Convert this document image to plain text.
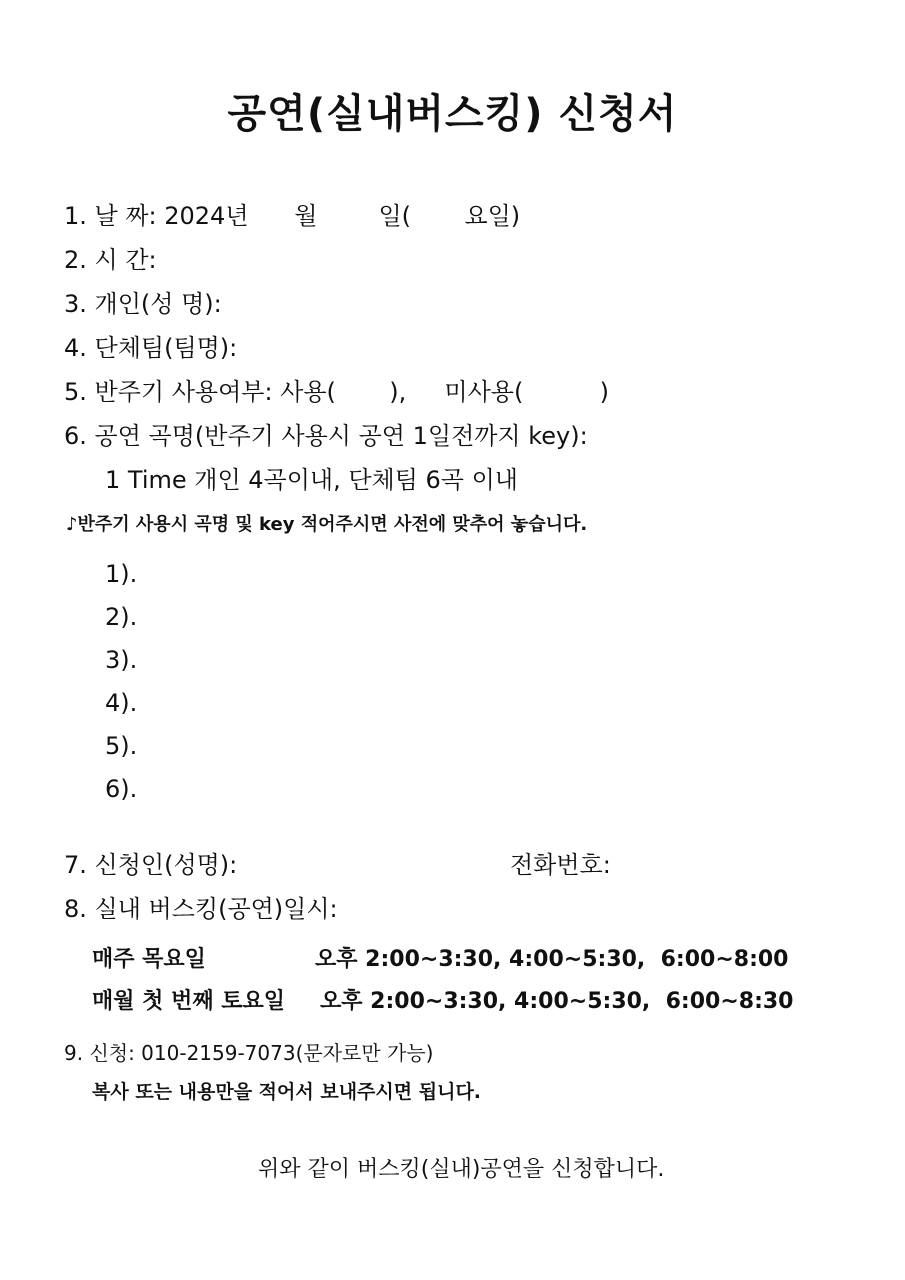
공연(실내버스킹) 신청서
1. 날 짜: 2024년      월        일(       요일)
2. 시 간:
3. 개인(성 명):
4. 단체팀(팀명):
5. 반주기 사용여부: 사용(       ),     미사용(          )
6. 공연 곡명(반주기 사용시 공연 1일전까지 key):
1 Time 개인 4곡이내, 단체팀 6곡 이내
♪반주기 사용시 곡명 및 key 적어주시면 사전에 맞추어 놓습니다.
1).
2).
3).
4).
5).
6).
7. 신청인(성명):	전화번호:
8. 실내 버스킹(공연)일시:
매주 목요일	오후 2:00~3:30, 4:00~5:30,  6:00~8:00
매월 첫 번째 토요일 오후 2:00~3:30, 4:00~5:30,  6:00~8:30
9. 신청: 010-2159-7073(문자로만 가능)
복사 또는 내용만을 적어서 보내주시면 됩니다.
위와 같이 버스킹(실내)공연을 신청합니다.
